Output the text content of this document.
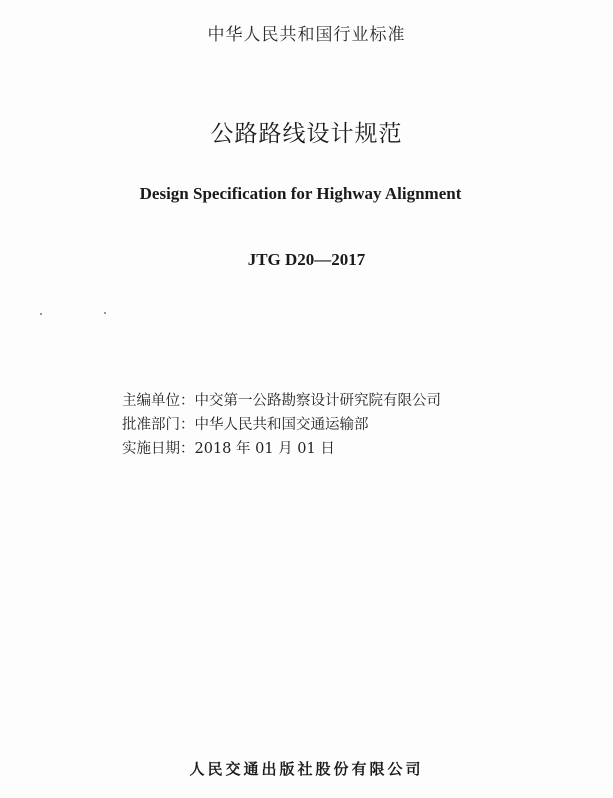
中华人民共和国行业标准
公路路线设计规范
Design Specification for Highway Alignment
JTG D20—2017
主编单位：中交第一公路勘察设计研究院有限公司
批准部门：中华人民共和国交通运输部
实施日期：2018 年 01 月 01 日
人民交通出版社股份有限公司
